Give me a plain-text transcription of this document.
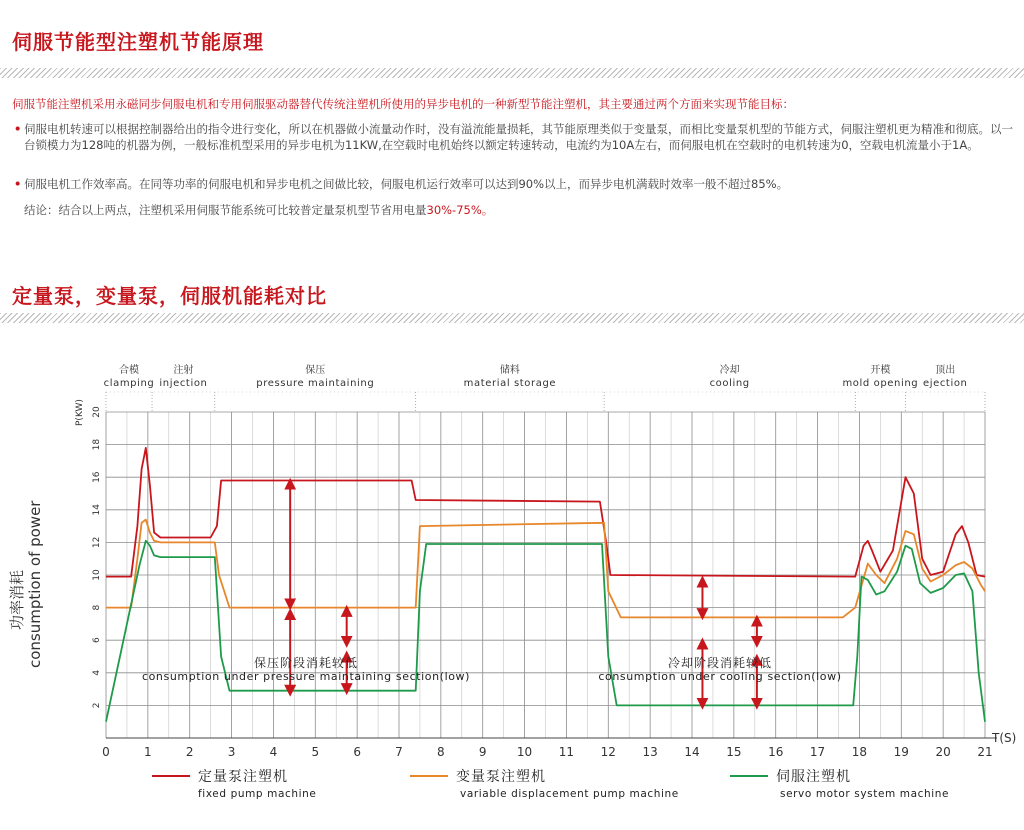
伺服节能型注塑机节能原理
伺服节能注塑机采用永磁同步伺服电机和专用伺服驱动器替代传统注塑机所使用的异步电机的一种新型节能注塑机，其主要通过两个方面来实现节能目标：
• 伺服电机转速可以根据控制器给出的指令进行变化，所以在机器做小流量动作时，没有溢流能量损耗，其节能原理类似于变量泵，而相比变量泵机型的节能方式，伺服注塑机更为精准和彻底。以一台锁模力为128吨的机器为例，一般标准机型采用的异步电机为11KW,在空载时电机始终以额定转速转动，电流约为10A左右，而伺服电机在空载时的电机转速为0，空载电机流量小于1A。
• 伺服电机工作效率高。在同等功率的伺服电机和异步电机之间做比较，伺服电机运行效率可以达到90%以上，而异步电机满载时效率一般不超过85%。
结论：结合以上两点，注塑机采用伺服节能系统可比较普定量泵机型节省用电量30%-75%。
定量泵，变量泵，伺服机能耗对比
合模
clamping
注射
injection
保压
pressure maintaining
储料
material storage
冷却
cooling
开模
mold opening
顶出
ejection
0	1	2	3	4	5	6	7	8	9	10 11 12 13 14 15 16 17 18 19 20 21
2
4
6
8
10
12
14
16
18
20
保压阶段消耗较低
consumption under pressure maintaining section(low)
冷却阶段消耗较低
consumption under cooling section(low)
定量泵注塑机
fixed pump machine
变量泵注塑机
variable displacement pump machine
伺服注塑机
servo motor system machine
P(KW)
T(S)
功率消耗 consumption of power
